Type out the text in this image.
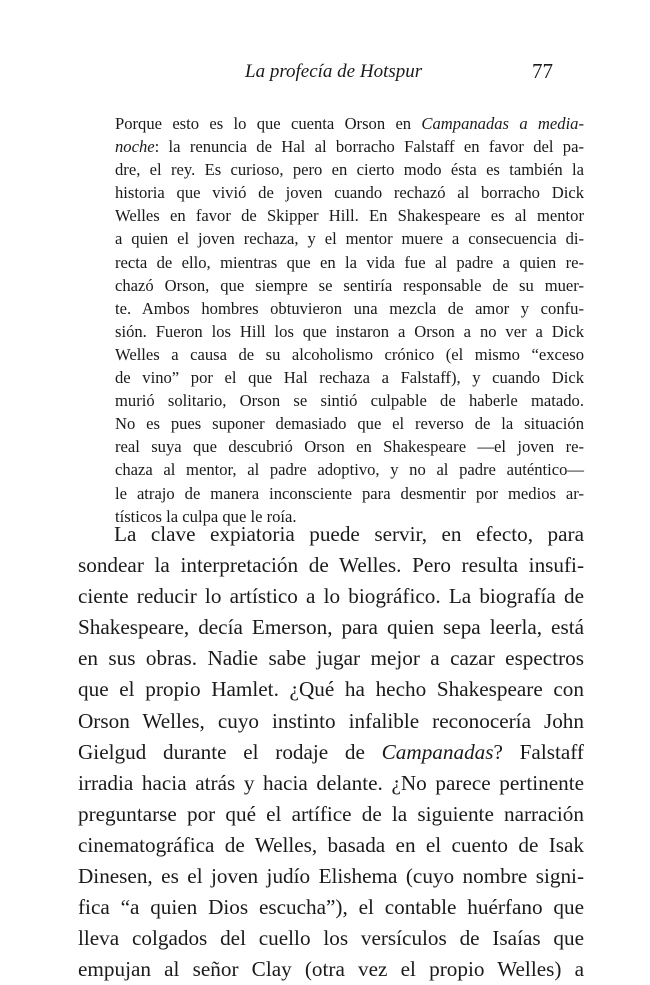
La profecía de Hotspur	77
Porque esto es lo que cuenta Orson en Campanadas a media-
noche: la renuncia de Hal al borracho Falstaff en favor del pa-
dre, el rey. Es curioso, pero en cierto modo ésta es también la
historia que vivió de joven cuando rechazó al borracho Dick
Welles en favor de Skipper Hill. En Shakespeare es al mentor
a quien el joven rechaza, y el mentor muere a consecuencia di-
recta de ello, mientras que en la vida fue al padre a quien re-
chazó Orson, que siempre se sentiría responsable de su muer-
te. Ambos hombres obtuvieron una mezcla de amor y confu-
sión. Fueron los Hill los que instaron a Orson a no ver a Dick
Welles a causa de su alcoholismo crónico (el mismo “exceso
de vino” por el que Hal rechaza a Falstaff), y cuando Dick
murió solitario, Orson se sintió culpable de haberle matado.
No es pues suponer demasiado que el reverso de la situación
real suya que descubrió Orson en Shakespeare —el joven re-
chaza al mentor, al padre adoptivo, y no al padre auténtico—
le atrajo de manera inconsciente para desmentir por medios ar-
tísticos la culpa que le roía.
La clave expiatoria puede servir, en efecto, para
sondear la interpretación de Welles. Pero resulta insufi-
ciente reducir lo artístico a lo biográfico. La biografía de
Shakespeare, decía Emerson, para quien sepa leerla, está
en sus obras. Nadie sabe jugar mejor a cazar espectros
que el propio Hamlet. ¿Qué ha hecho Shakespeare con
Orson Welles, cuyo instinto infalible reconocería John
Gielgud durante el rodaje de Campanadas? Falstaff
irradia hacia atrás y hacia delante. ¿No parece pertinente
preguntarse por qué el artífice de la siguiente narración
cinematográfica de Welles, basada en el cuento de Isak
Dinesen, es el joven judío Elishema (cuyo nombre signi-
fica “a quien Dios escucha”), el contable huérfano que
lleva colgados del cuello los versículos de Isaías que
empujan al señor Clay (otra vez el propio Welles) a
